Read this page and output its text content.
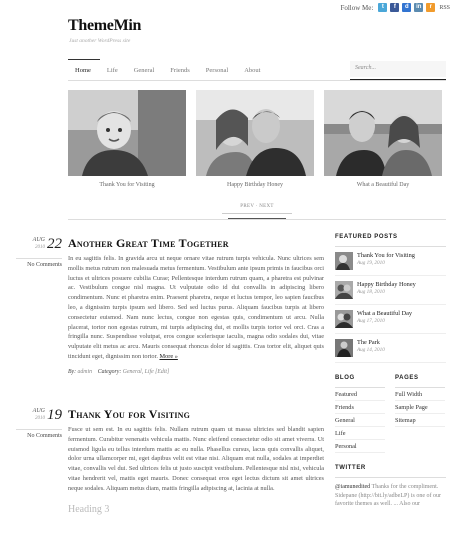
Follow Me:	t	f	d	in	r	RSS
ThemeMin
Just another WordPress site
Home	Life	General	Friends	Personal	About	Search...
Thank You for Visiting	Happy Birthday Honey	What a Beautiful Day
PREV · NEXT
AUG
2010 22
No Comments
Another Great Time Together

In eu sagittis felis. In gravida arcu ut neque ornare vitae rutrum turpis vehicula. Nunc ultrices sem mollis metus rutrum non malesuada metus fermentum. Vestibulum ante ipsum primis in faucibus orci luctus et ultrices posuere cubilia Curae; Pellentesque interdum rutrum quam, a pharetra est pulvinar ac. Vestibulum congue nisl magna. Ut vulputate odio id dui convallis in adipiscing libero condimentum. Nunc et pharetra enim. Praesent pharetra, neque et luctus tempor, leo sapien faucibus leo, a dignissim turpis ipsum sed libero. Sed sed luctus purus. Aliquam faucibus turpis at libero consectetur euismod. Nam nunc lectus, congue non egestas quis, condimentum ut arcu. Nulla placerat, tortor non egestas rutrum, mi turpis adipiscing dui, et mollis turpis tortor vel orci. Cras a fringilla nunc. Suspendisse volutpat, eros congue scelerisque iaculis, magna odio sodales dui, vitae vulputate elit metus ac arcu. Mauris consequat rhoncus dolor id sagittis. Cras tortor elit, aliquet quis tincidunt eget, dignissim non tortor. More »

By: admin Category: General, Life [Edit]
AUG
2010 19
No Comments
Thank You for Visiting

Fusce ut sem est. In eu sagittis felis. Nullam rutrum quam ut massa ultricies sed blandit sapien fermentum. Curabitur venenatis vehicula mattis. Nunc eleifend consectetur odio sit amet viverra. Ut euismod ligula eu tellus interdum mattis ac eu nulla. Phasellus cursus, lacus quis convallis aliquet, dolor urna ullamcorper mi, eget dapibus velit est vitae nisi. Aliquam erat nulla, sodales at imperdiet vitae, convallis vel dui. Sed ultrices felis ut justo suscipit vestibulum. Pellentesque nisl nisi, vehicula vitae hendrerit vel, mattis eget mauris. Donec consequat eros eget lectus dictum sit amet ultrices neque sodales. Aliquam metus diam, mattis fringilla adipiscing at, lacinia at nulla.

Heading 3
FEATURED POSTS
Thank You for Visiting
Aug 19, 2010
Happy Birthday Honey
Aug 18, 2010
What a Beautiful Day
Aug 17, 2010
The Park
Aug 14, 2010
BLOG
Featured
Friends
General
Life
Personal
PAGES
Full Width
Sample Page
Sitemap
TWITTER
@iamunedited Thanks for the compliment. Sidepane (http://bit.ly/adbeLP) is one of our favorite themes as well. ... Also our
